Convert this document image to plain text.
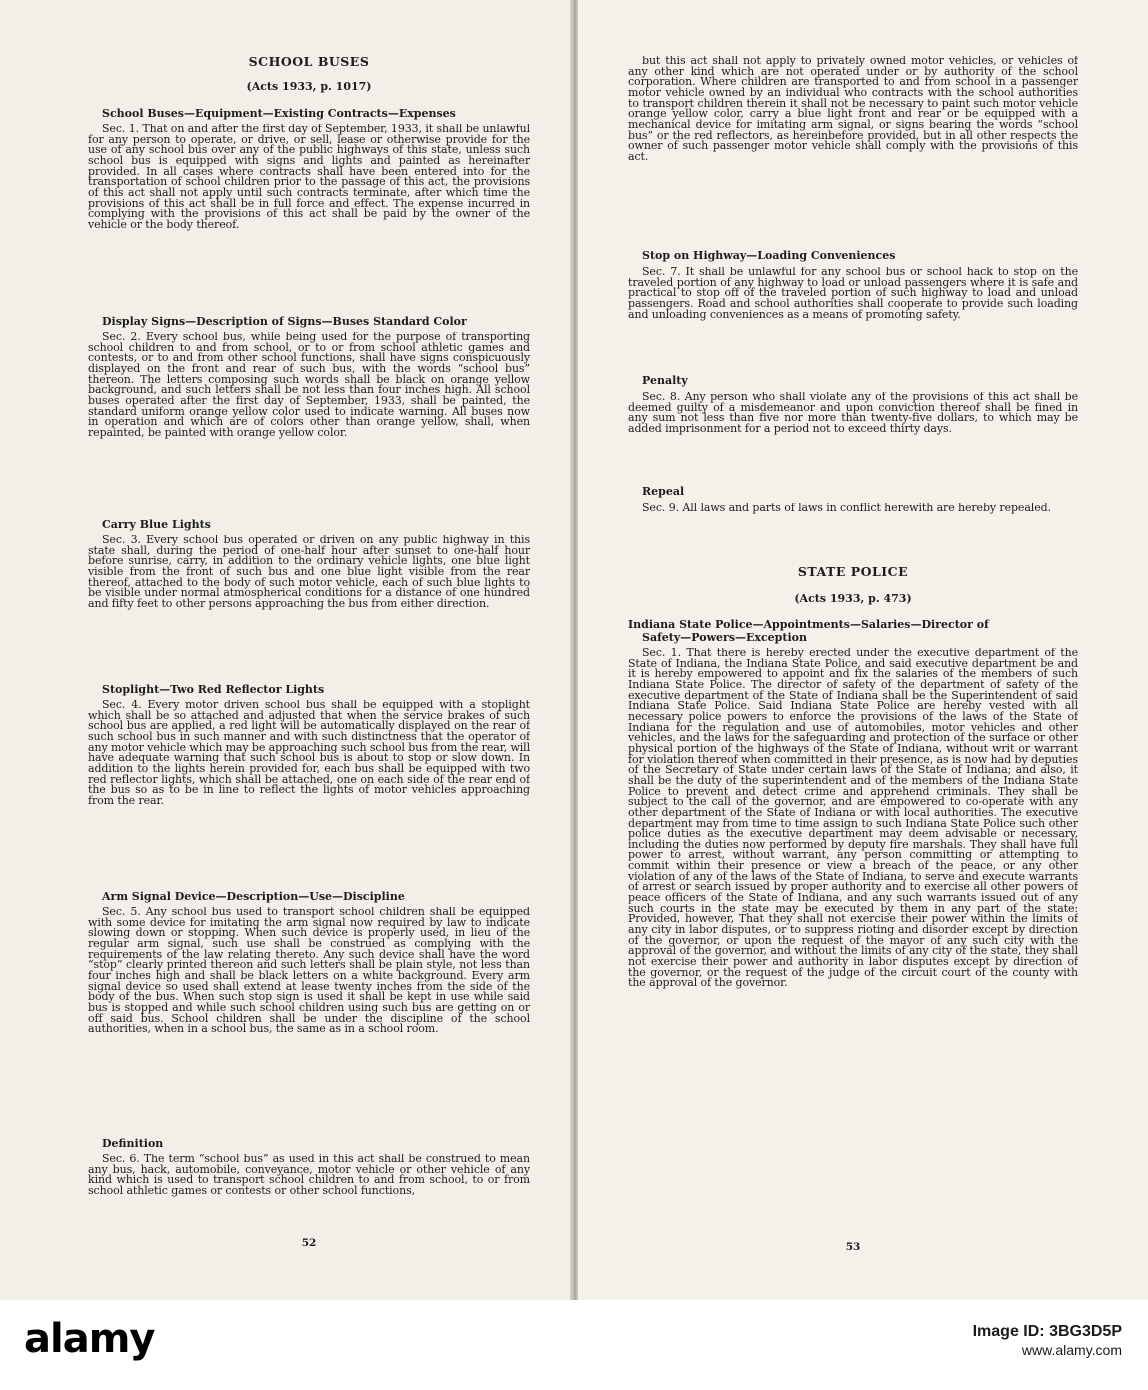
SCHOOL BUSES
(Acts 1933, p. 1017)
School Buses—Equipment—Existing Contracts—Expenses
Sec. 1. That on and after the first day of September, 1933, it shall be unlawful for any person to operate, or drive, or sell, lease or otherwise provide for the use of any school bus over any of the public highways of this state, unless such school bus is equipped with signs and lights and painted as hereinafter provided. In all cases where contracts shall have been entered into for the transportation of school children prior to the passage of this act, the provisions of this act shall not apply until such contracts terminate, after which time the provisions of this act shall be in full force and effect. The expense incurred in complying with the provisions of this act shall be paid by the owner of the vehicle or the body thereof.
Display Signs—Description of Signs—Buses Standard Color
Sec. 2. Every school bus, while being used for the purpose of transporting school children to and from school, or to or from school athletic games and contests, or to and from other school functions, shall have signs conspicuously displayed on the front and rear of such bus, with the words “school bus” thereon. The letters composing such words shall be black on orange yellow background, and such letters shall be not less than four inches high. All school buses operated after the first day of September, 1933, shall be painted, the standard uniform orange yellow color used to indicate warning. All buses now in operation and which are of colors other than orange yellow, shall, when repainted, be painted with orange yellow color.
Carry Blue Lights
Sec. 3. Every school bus operated or driven on any public highway in this state shall, during the period of one-half hour after sunset to one-half hour before sunrise, carry, in addition to the ordinary vehicle lights, one blue light visible from the front of such bus and one blue light visible from the rear thereof, attached to the body of such motor vehicle, each of such blue lights to be visible under normal atmospherical conditions for a distance of one hundred and fifty feet to other persons approaching the bus from either direction.
Stoplight—Two Red Reflector Lights
Sec. 4. Every motor driven school bus shall be equipped with a stoplight which shall be so attached and adjusted that when the service brakes of such school bus are applied, a red light will be automatically displayed on the rear of such school bus in such manner and with such distinctness that the operator of any motor vehicle which may be approaching such school bus from the rear, will have adequate warning that such school bus is about to stop or slow down. In addition to the lights herein provided for, each bus shall be equipped with two red reflector lights, which shall be attached, one on each side of the rear end of the bus so as to be in line to reflect the lights of motor vehicles approaching from the rear.
Arm Signal Device—Description—Use—Discipline
Sec. 5. Any school bus used to transport school children shall be equipped with some device for imitating the arm signal now required by law to indicate slowing down or stopping. When such device is properly used, in lieu of the regular arm signal, such use shall be construed as complying with the requirements of the law relating thereto. Any such device shall have the word “stop” clearly printed thereon and such letters shall be plain style, not less than four inches high and shall be black letters on a white background. Every arm signal device so used shall extend at lease twenty inches from the side of the body of the bus. When such stop sign is used it shall be kept in use while said bus is stopped and while such school children using such bus are getting on or off said bus. School children shall be under the discipline of the school authorities, when in a school bus, the same as in a school room.
Definition
Sec. 6. The term “school bus” as used in this act shall be construed to mean any bus, hack, automobile, conveyance, motor vehicle or other vehicle of any kind which is used to transport school children to and from school, to or from school athletic games or contests or other school functions,
52
but this act shall not apply to privately owned motor vehicles, or vehicles of any other kind which are not operated under or by authority of the school corporation. Where children are transported to and from school in a passenger motor vehicle owned by an individual who contracts with the school authorities to transport children therein it shall not be necessary to paint such motor vehicle orange yellow color, carry a blue light front and rear or be equipped with a mechanical device for imitating arm signal, or signs bearing the words “school bus” or the red reflectors, as hereinbefore provided, but in all other respects the owner of such passenger motor vehicle shall comply with the provisions of this act.
Stop on Highway—Loading Conveniences
Sec. 7. It shall be unlawful for any school bus or school hack to stop on the traveled portion of any highway to load or unload passengers where it is safe and practical to stop off of the traveled portion of such highway to load and unload passengers. Road and school authorities shall cooperate to provide such loading and unloading conveniences as a means of promoting safety.
Penalty
Sec. 8. Any person who shall violate any of the provisions of this act shall be deemed guilty of a misdemeanor and upon conviction thereof shall be fined in any sum not less than five nor more than twenty-five dollars, to which may be added imprisonment for a period not to exceed thirty days.
Repeal
Sec. 9. All laws and parts of laws in conflict herewith are hereby repealed.
STATE POLICE
(Acts 1933, p. 473)
Indiana State Police—Appointments—Salaries—Director of
Safety—Powers—Exception
Sec. 1. That there is hereby erected under the executive department of the State of Indiana, the Indiana State Police, and said executive department be and it is hereby empowered to appoint and fix the salaries of the members of such Indiana State Police. The director of safety of the department of safety of the executive department of the State of Indiana shall be the Superintendent of said Indiana State Police. Said Indiana State Police are hereby vested with all necessary police powers to enforce the provisions of the laws of the State of Indiana for the regulation and use of automobiles, motor vehicles and other vehicles, and the laws for the safeguarding and protection of the surface or other physical portion of the highways of the State of Indiana, without writ or warrant for violation thereof when committed in their presence, as is now had by deputies of the Secretary of State under certain laws of the State of Indiana; and also, it shall be the duty of the superintendent and of the members of the Indiana State Police to prevent and detect crime and apprehend criminals. They shall be subject to the call of the governor, and are empowered to co-operate with any other department of the State of Indiana or with local authorities. The executive department may from time to time assign to such Indiana State Police such other police duties as the executive department may deem advisable or necessary, including the duties now performed by deputy fire marshals. They shall have full power to arrest, without warrant, any person committing or attempting to commit within their presence or view a breach of the peace, or any other violation of any of the laws of the State of Indiana, to serve and execute warrants of arrest or search issued by proper authority and to exercise all other powers of peace officers of the State of Indiana, and any such warrants issued out of any such courts in the state may be executed by them in any part of the state: Provided, however, That they shall not exercise their power within the limits of any city in labor disputes, or to suppress rioting and disorder except by direction of the governor, or upon the request of the mayor of any such city with the approval of the governor, and without the limits of any city of the state, they shall not exercise their power and authority in labor disputes except by direction of the governor, or the request of the judge of the circuit court of the county with the approval of the governor.
53
alamy	Image ID: 3BG3D5P
www.alamy.com
